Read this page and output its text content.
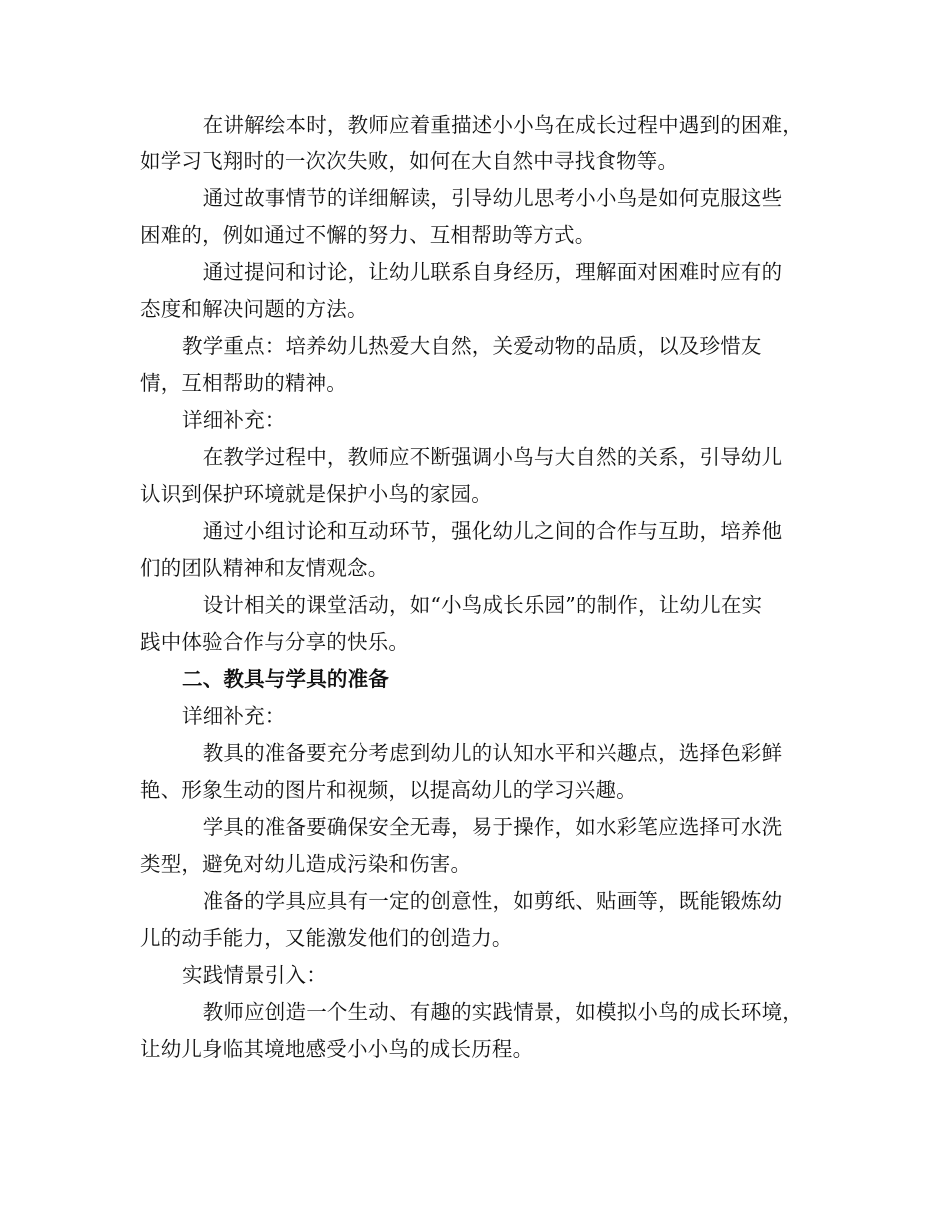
　在讲解绘本时，教师应着重描述小小鸟在成长过程中遇到的困难，
如学习飞翔时的一次次失败，如何在大自然中寻找食物等。
　通过故事情节的详细解读，引导幼儿思考小小鸟是如何克服这些
困难的，例如通过不懈的努力、互相帮助等方式。
　通过提问和讨论，让幼儿联系自身经历，理解面对困难时应有的
态度和解决问题的方法。
教学重点：培养幼儿热爱大自然，关爱动物的品质，以及珍惜友
情，互相帮助的精神。
详细补充：
　在教学过程中，教师应不断强调小鸟与大自然的关系，引导幼儿
认识到保护环境就是保护小鸟的家园。
　通过小组讨论和互动环节，强化幼儿之间的合作与互助，培养他
们的团队精神和友情观念。
　设计相关的课堂活动，如“小鸟成长乐园”的制作，让幼儿在实
践中体验合作与分享的快乐。
二、教具与学具的准备
详细补充：
　教具的准备要充分考虑到幼儿的认知水平和兴趣点，选择色彩鲜
艳、形象生动的图片和视频，以提高幼儿的学习兴趣。
　学具的准备要确保安全无毒，易于操作，如水彩笔应选择可水洗
类型，避免对幼儿造成污染和伤害。
　准备的学具应具有一定的创意性，如剪纸、贴画等，既能锻炼幼
儿的动手能力，又能激发他们的创造力。
实践情景引入：
　教师应创造一个生动、有趣的实践情景，如模拟小鸟的成长环境，
让幼儿身临其境地感受小小鸟的成长历程。
